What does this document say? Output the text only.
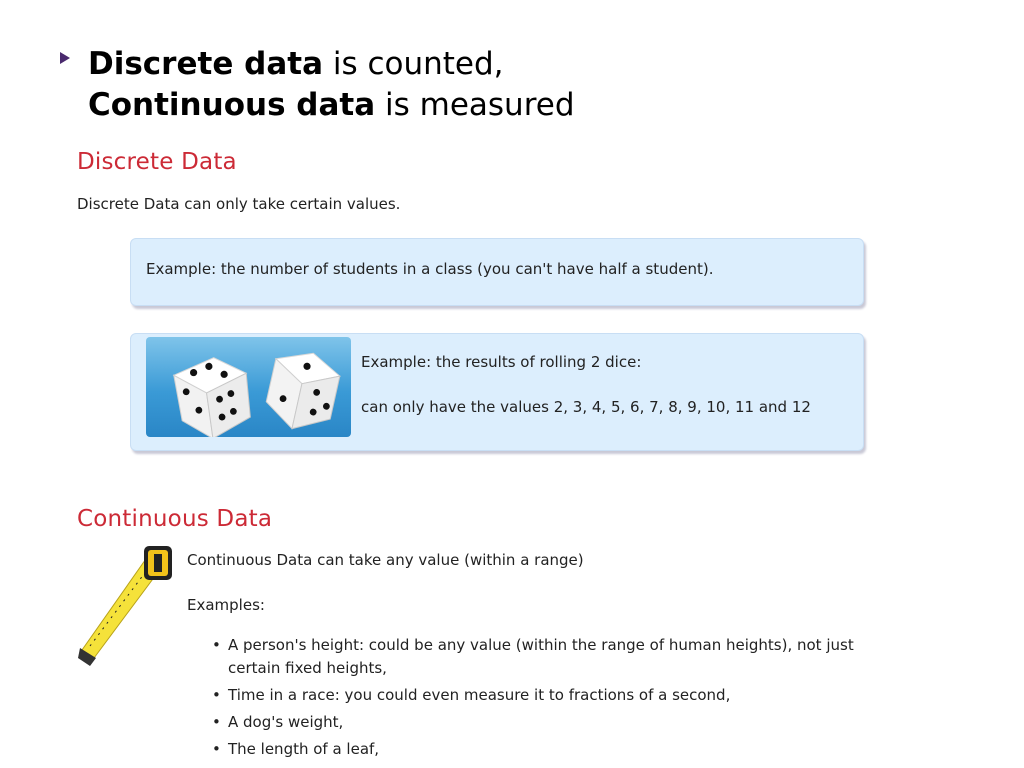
Discrete data is counted,
Continuous data is measured
Discrete Data
Discrete Data can only take certain values.
Example: the number of students in a class (you can't have half a student).
Example: the results of rolling 2 dice:
can only have the values 2, 3, 4, 5, 6, 7, 8, 9, 10, 11 and 12
Continuous Data
Continuous Data can take any value (within a range)
Examples:
• A person's height: could be any value (within the range of human heights), not just certain fixed heights,
• Time in a race: you could even measure it to fractions of a second,
• A dog's weight,
• The length of a leaf,
